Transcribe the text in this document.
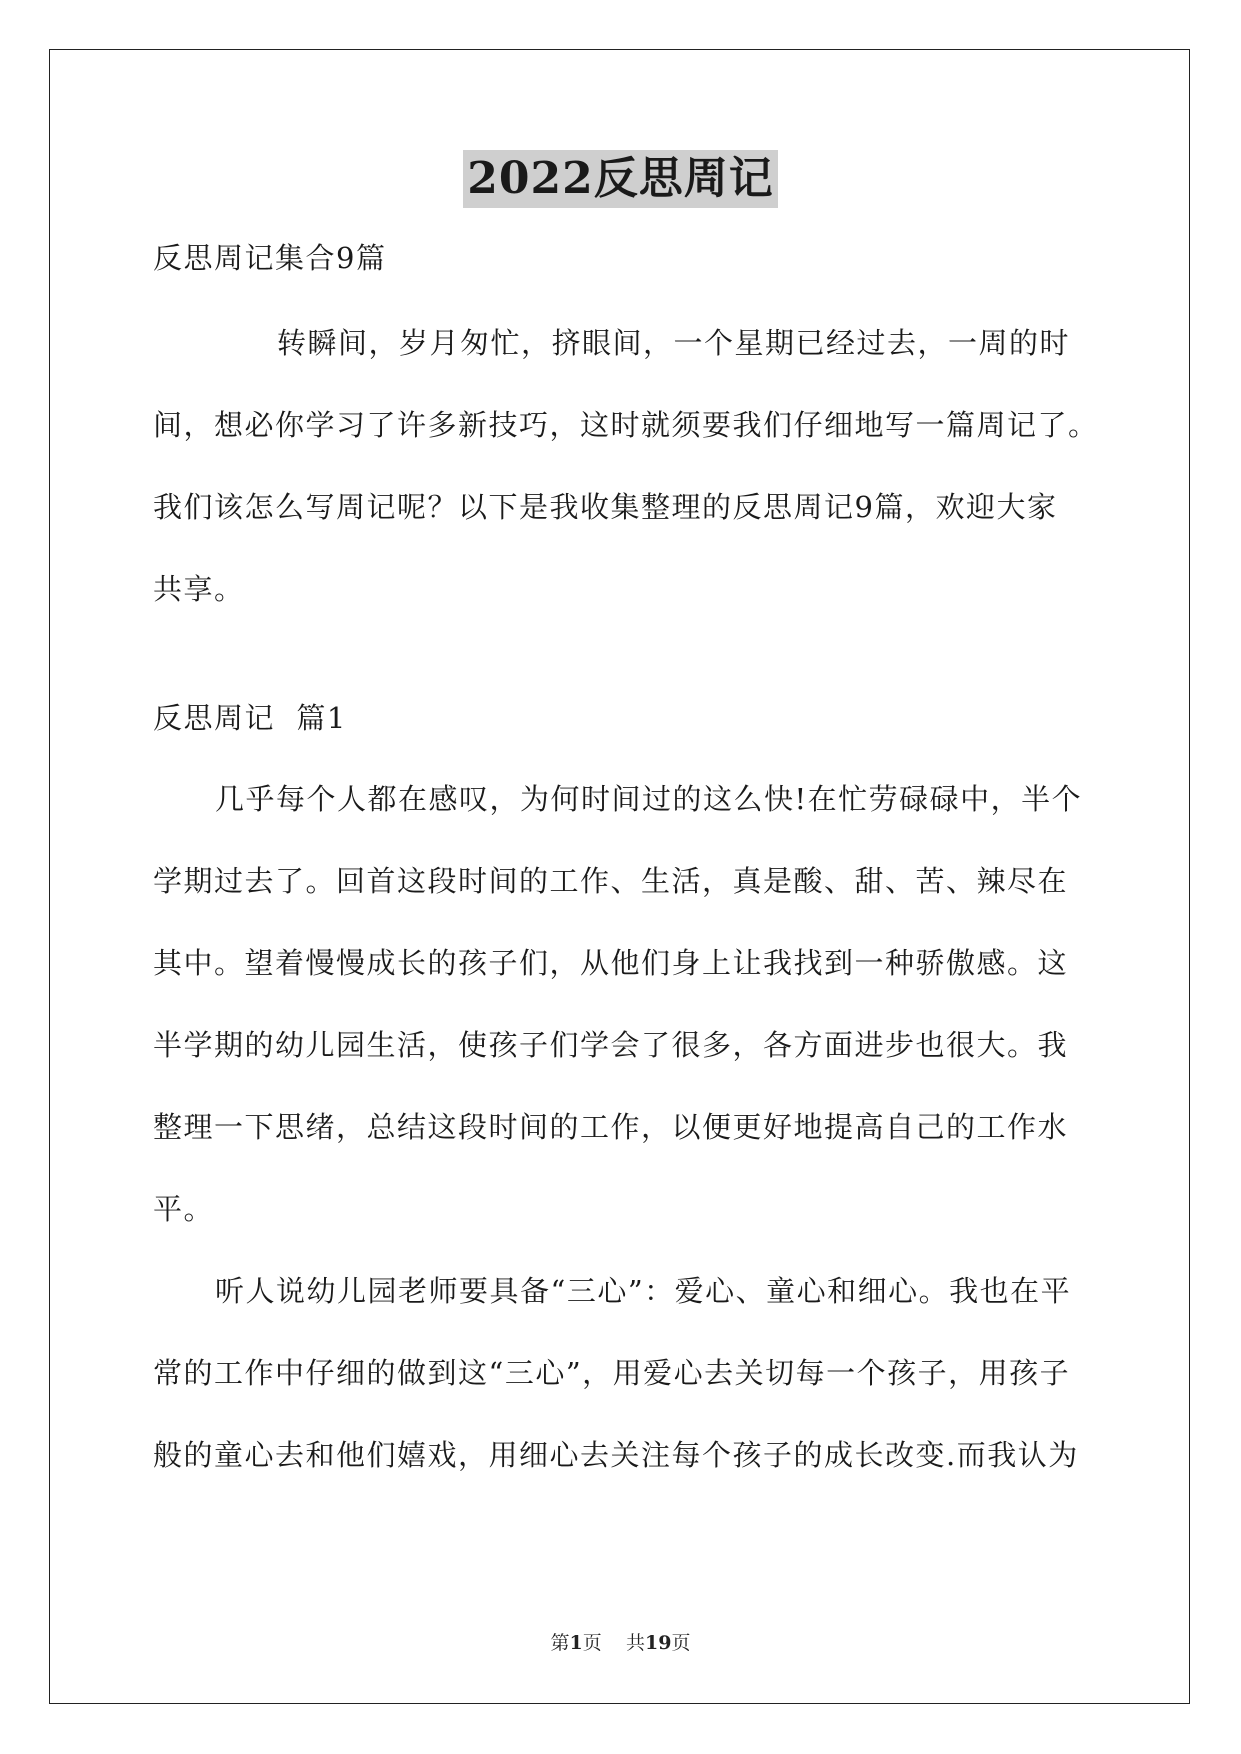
2022反思周记
反思周记集合9篇
转瞬间，岁月匆忙，挤眼间，一个星期已经过去，一周的时
间，想必你学习了许多新技巧，这时就须要我们仔细地写一篇周记了。
我们该怎么写周记呢？以下是我收集整理的反思周记9篇，欢迎大家
共享。
反思周记  篇1
几乎每个人都在感叹，为何时间过的这么快!在忙劳碌碌中，半个
学期过去了。回首这段时间的工作、生活，真是酸、甜、苦、辣尽在
其中。望着慢慢成长的孩子们，从他们身上让我找到一种骄傲感。这
半学期的幼儿园生活，使孩子们学会了很多，各方面进步也很大。我
整理一下思绪，总结这段时间的工作，以便更好地提高自己的工作水
平。
听人说幼儿园老师要具备“三心”：爱心、童心和细心。我也在平
常的工作中仔细的做到这“三心”，用爱心去关切每一个孩子，用孩子
般的童心去和他们嬉戏，用细心去关注每个孩子的成长改变.而我认为
第1页 共19页
